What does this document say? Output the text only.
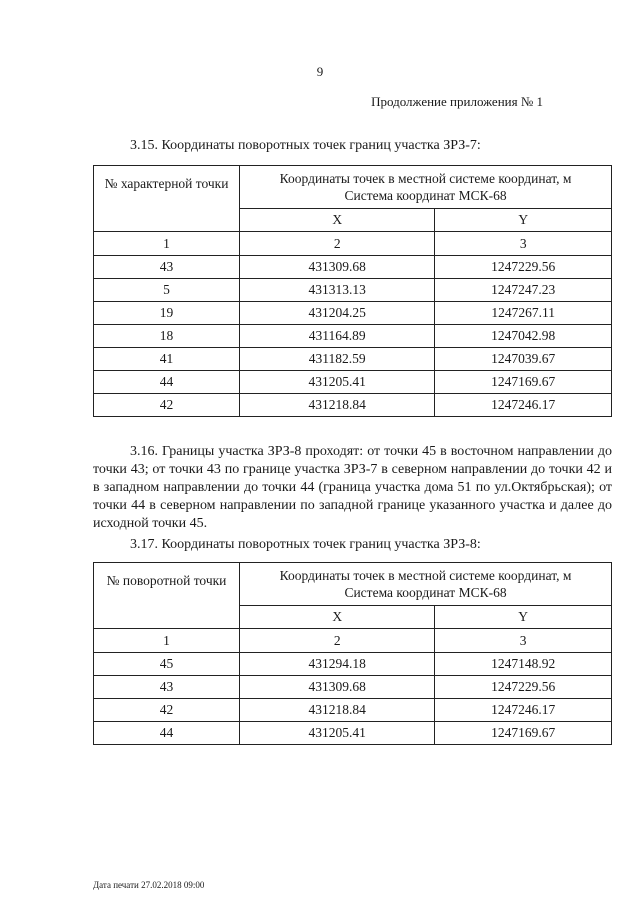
9
Продолжение приложения № 1
3.15. Координаты поворотных точек границ участка ЗРЗ-7:
№ характерной точки	Координаты точек в местной системе координат, м
Система координат МСК-68	
	X	Y
1	2	3
43	431309.68	1247229.56
5	431313.13	1247247.23
19	431204.25	1247267.11
18	431164.89	1247042.98
41	431182.59	1247039.67
44	431205.41	1247169.67
42	431218.84	1247246.17
3.16. Границы участка ЗРЗ-8 проходят: от точки 45 в восточном направлении до точки 43; от точки 43 по границе участка ЗРЗ-7 в северном направлении до точки 42 и в западном направлении до точки 44 (граница участка дома 51 по ул.Октябрьская); от точки 44 в северном направлении по западной границе указанного участка и далее до исходной точки 45.
3.17. Координаты поворотных точек границ участка ЗРЗ-8:
№ поворотной точки	Координаты точек в местной системе координат, м
Система координат МСК-68	
	X	Y
1	2	3
45	431294.18	1247148.92
43	431309.68	1247229.56
42	431218.84	1247246.17
44	431205.41	1247169.67
Дата печати 27.02.2018 09:00
